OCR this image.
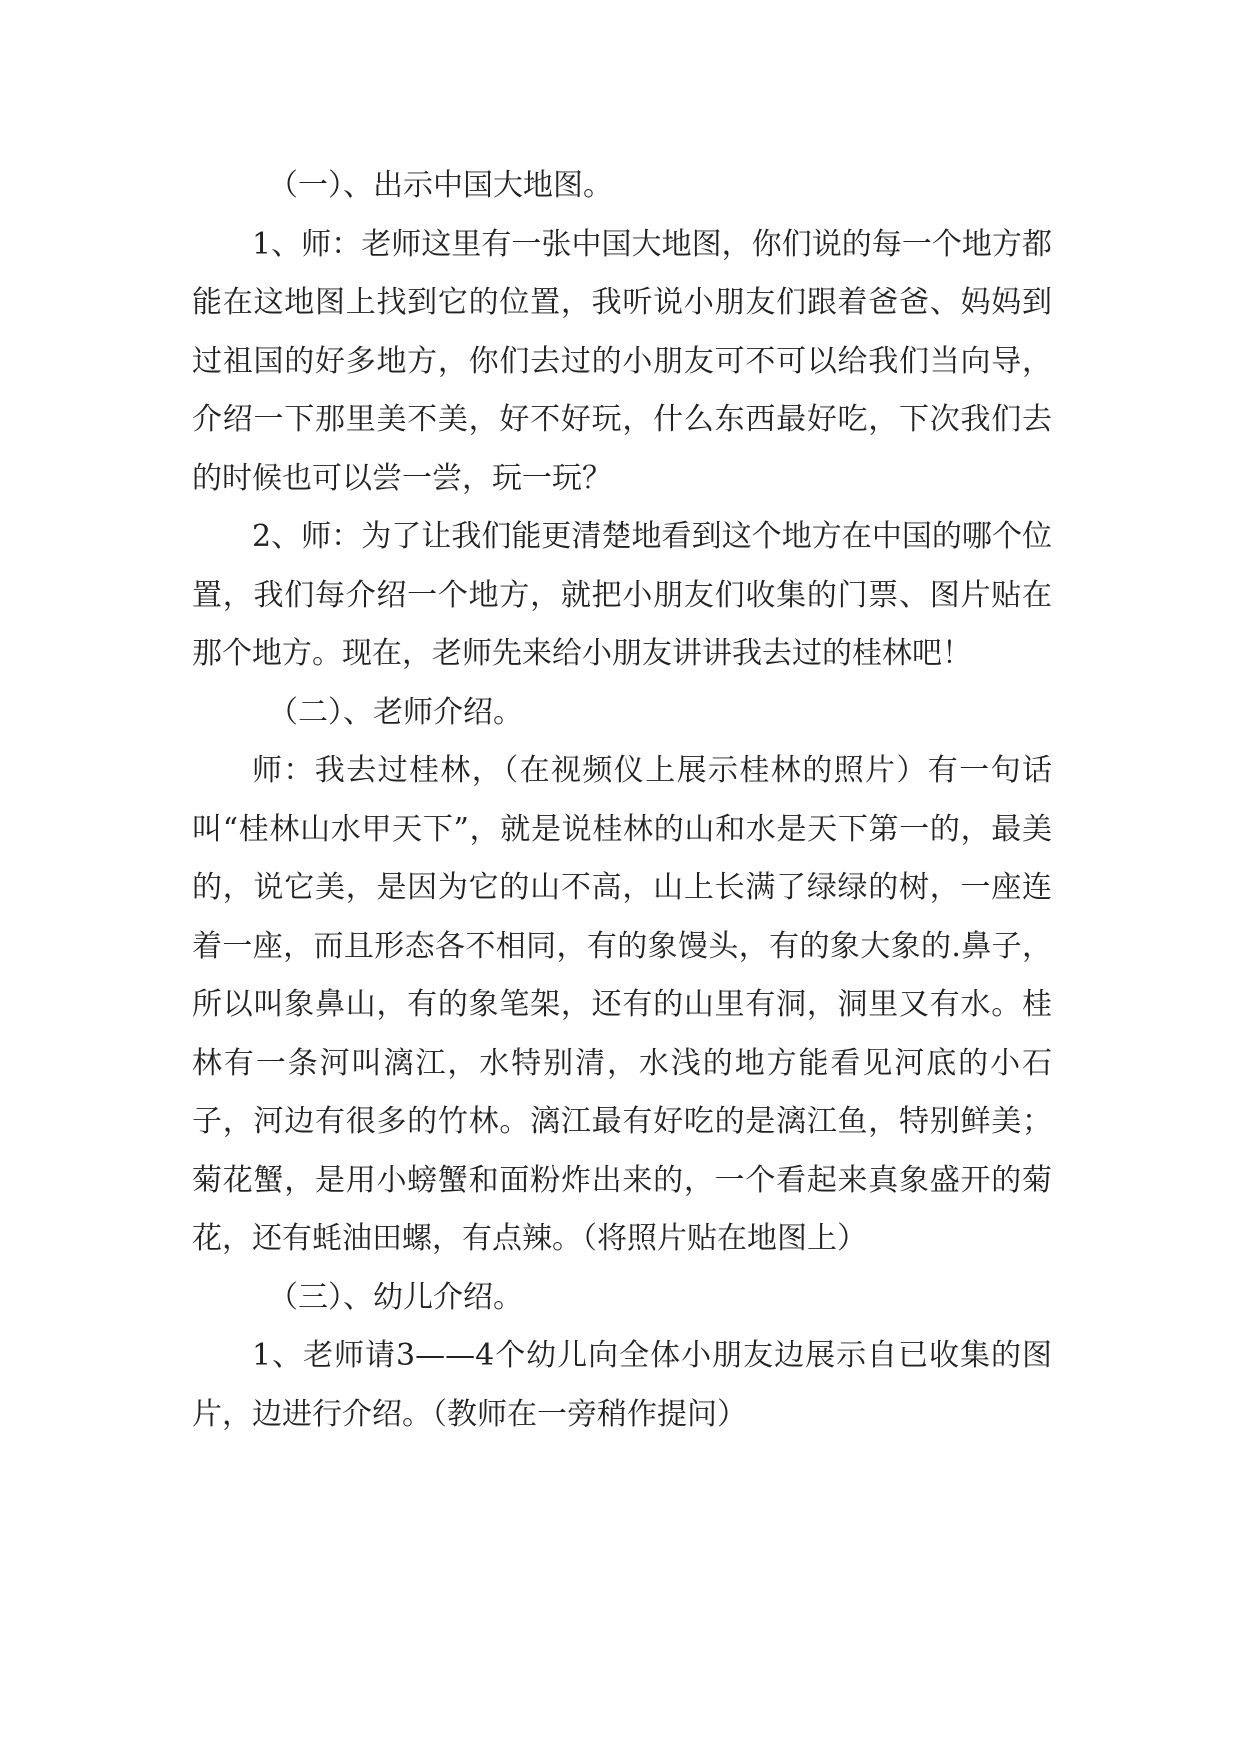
（一）、出示中国大地图。

1、师：老师这里有一张中国大地图，你们说的每一个地方都能在这地图上找到它的位置，我听说小朋友们跟着爸爸、妈妈到过祖国的好多地方，你们去过的小朋友可不可以给我们当向导，介绍一下那里美不美，好不好玩，什么东西最好吃，下次我们去的时候也可以尝一尝，玩一玩？

2、师：为了让我们能更清楚地看到这个地方在中国的哪个位置，我们每介绍一个地方，就把小朋友们收集的门票、图片贴在那个地方。现在，老师先来给小朋友讲讲我去过的桂林吧！

（二）、老师介绍。

师：我去过桂林，（在视频仪上展示桂林的照片）有一句话叫“桂林山水甲天下”，就是说桂林的山和水是天下第一的，最美的，说它美，是因为它的山不高，山上长满了绿绿的树，一座连着一座，而且形态各不相同，有的象馒头，有的象大象的.鼻子，所以叫象鼻山，有的象笔架，还有的山里有洞，洞里又有水。桂林有一条河叫漓江，水特别清，水浅的地方能看见河底的小石子，河边有很多的竹林。漓江最有好吃的是漓江鱼，特别鲜美；菊花蟹，是用小螃蟹和面粉炸出来的，一个看起来真象盛开的菊花，还有蚝油田螺，有点辣。（将照片贴在地图上）

（三）、幼儿介绍。

1、老师请3——4个幼儿向全体小朋友边展示自已收集的图片，边进行介绍。（教师在一旁稍作提问）
